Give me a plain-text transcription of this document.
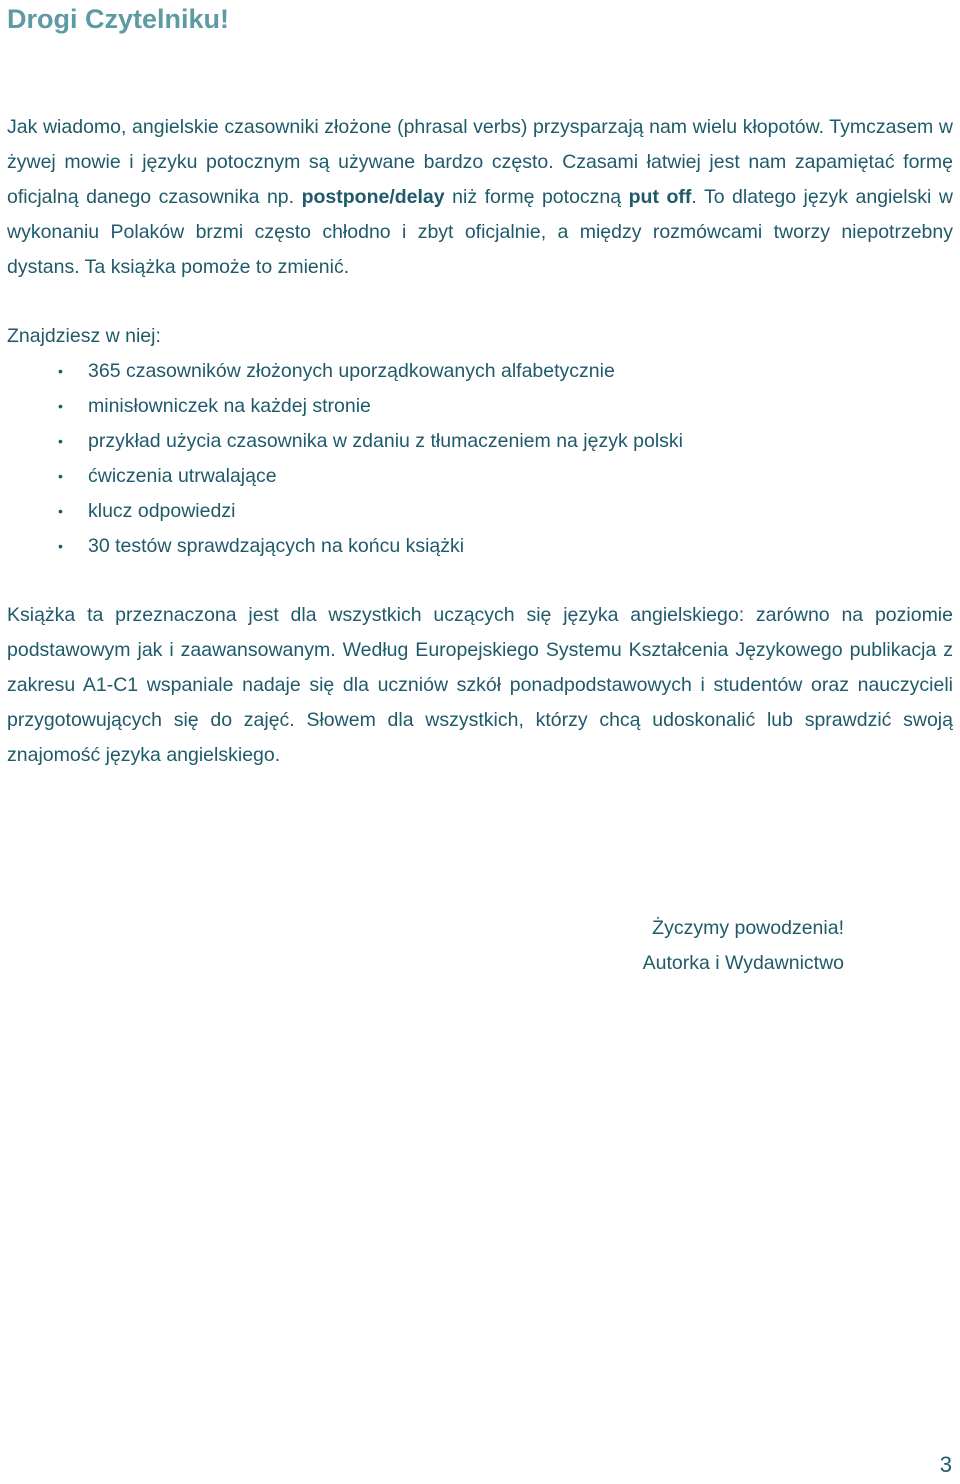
Drogi Czytelniku!

Jak wiadomo, angielskie czasowniki złożone (phrasal verbs) przysparzają nam wielu kłopotów. Tymczasem w żywej mowie i języku potocznym są używane bardzo często. Czasami łatwiej jest nam zapamiętać formę oficjalną danego czasownika np. postpone/delay niż formę potoczną put off. To dlatego język angielski w wykonaniu Polaków brzmi często chłodno i zbyt oficjalnie, a między rozmówcami tworzy niepotrzebny dystans. Ta książka pomoże to zmienić.

Znajdziesz w niej:

• 365 czasowników złożonych uporządkowanych alfabetycznie
• minisłowniczek na każdej stronie
• przykład użycia czasownika w zdaniu z tłumaczeniem na język polski
• ćwiczenia utrwalające
• klucz odpowiedzi
• 30 testów sprawdzających na końcu książki

Książka ta przeznaczona jest dla wszystkich uczących się języka angielskiego: zarówno na poziomie podstawowym jak i zaawansowanym. Według Europejskiego Systemu Kształcenia Językowego publikacja z zakresu A1-C1 wspaniale nadaje się dla uczniów szkół ponadpodstawowych i studentów oraz nauczycieli przygotowujących się do zajęć. Słowem dla wszystkich, którzy chcą udoskonalić lub sprawdzić swoją znajomość języka angielskiego.

Życzymy powodzenia!
Autorka i Wydawnictwo
3
